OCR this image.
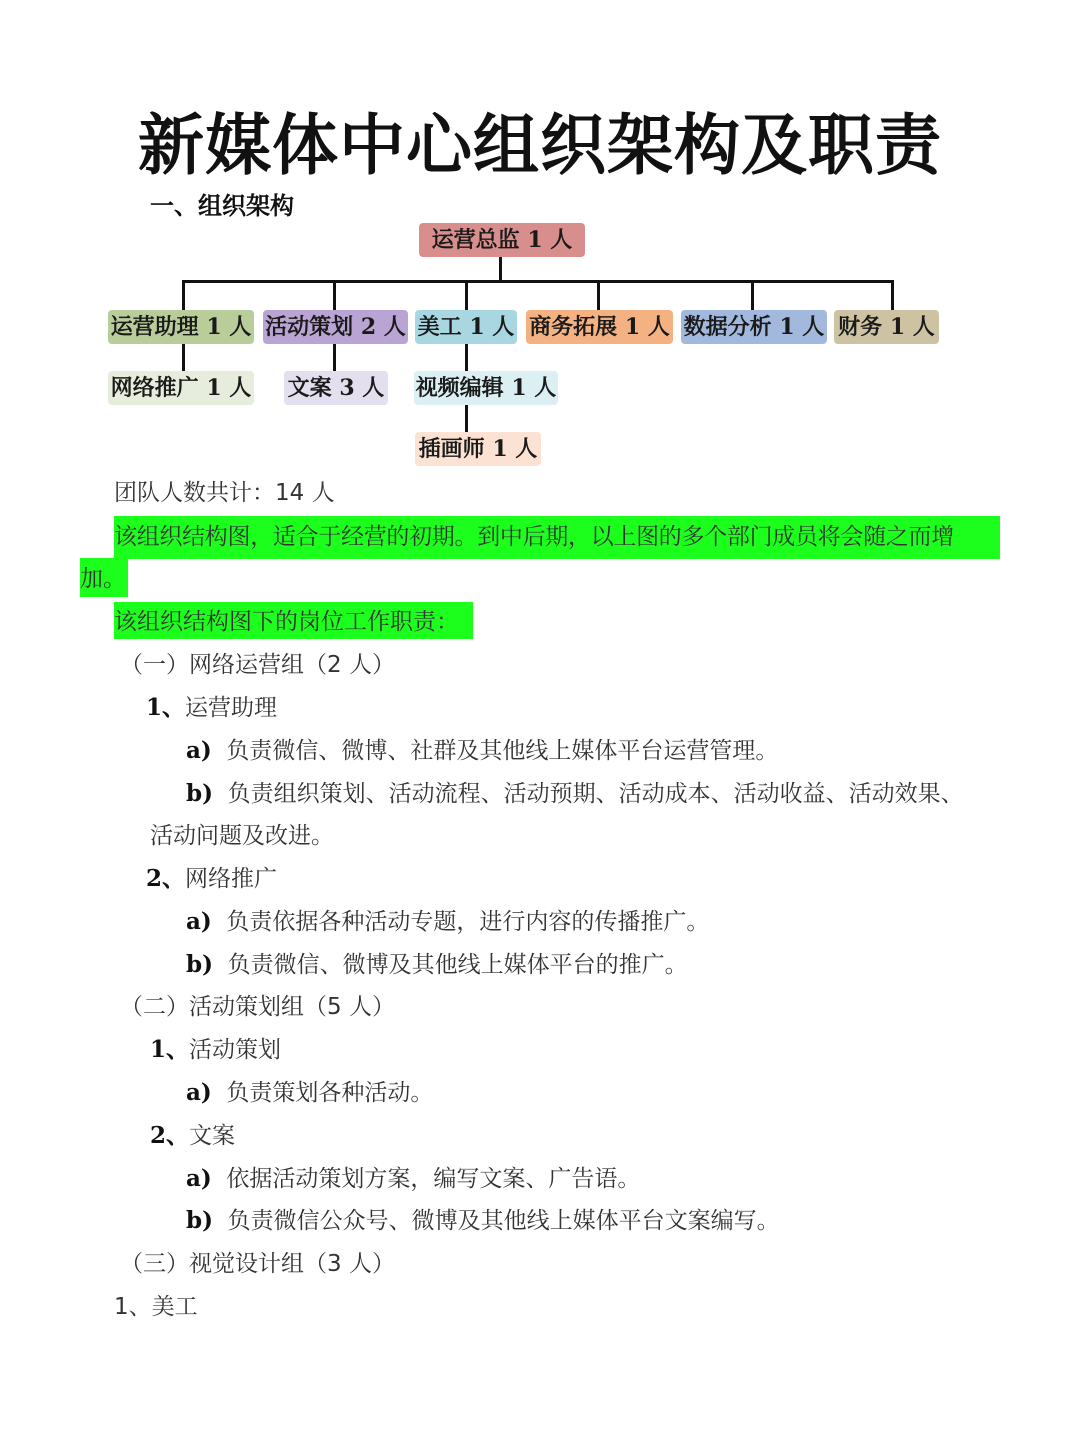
新媒体中心组织架构及职责
一、组织架构
运营总监 1 人
运营助理 1 人 活动策划 2 人 美工 1 人 商务拓展 1 人 数据分析 1 人 财务 1 人
网络推广 1 人 文案 3 人 视频编辑 1 人
插画师 1 人
团队人数共计：14 人
该组织结构图，适合于经营的初期。到中后期，以上图的多个部门成员将会随之而增
加。
该组织结构图下的岗位工作职责：
（一）网络运营组（2 人）
1、运营助理
a) 负责微信、微博、社群及其他线上媒体平台运营管理。
b) 负责组织策划、活动流程、活动预期、活动成本、活动收益、活动效果、
活动问题及改进。
2、网络推广
a) 负责依据各种活动专题，进行内容的传播推广。
b) 负责微信、微博及其他线上媒体平台的推广。
（二）活动策划组（5 人）
1、活动策划
a) 负责策划各种活动。
2、文案
a) 依据活动策划方案，编写文案、广告语。
b) 负责微信公众号、微博及其他线上媒体平台文案编写。
（三）视觉设计组（3 人）
1、美工
